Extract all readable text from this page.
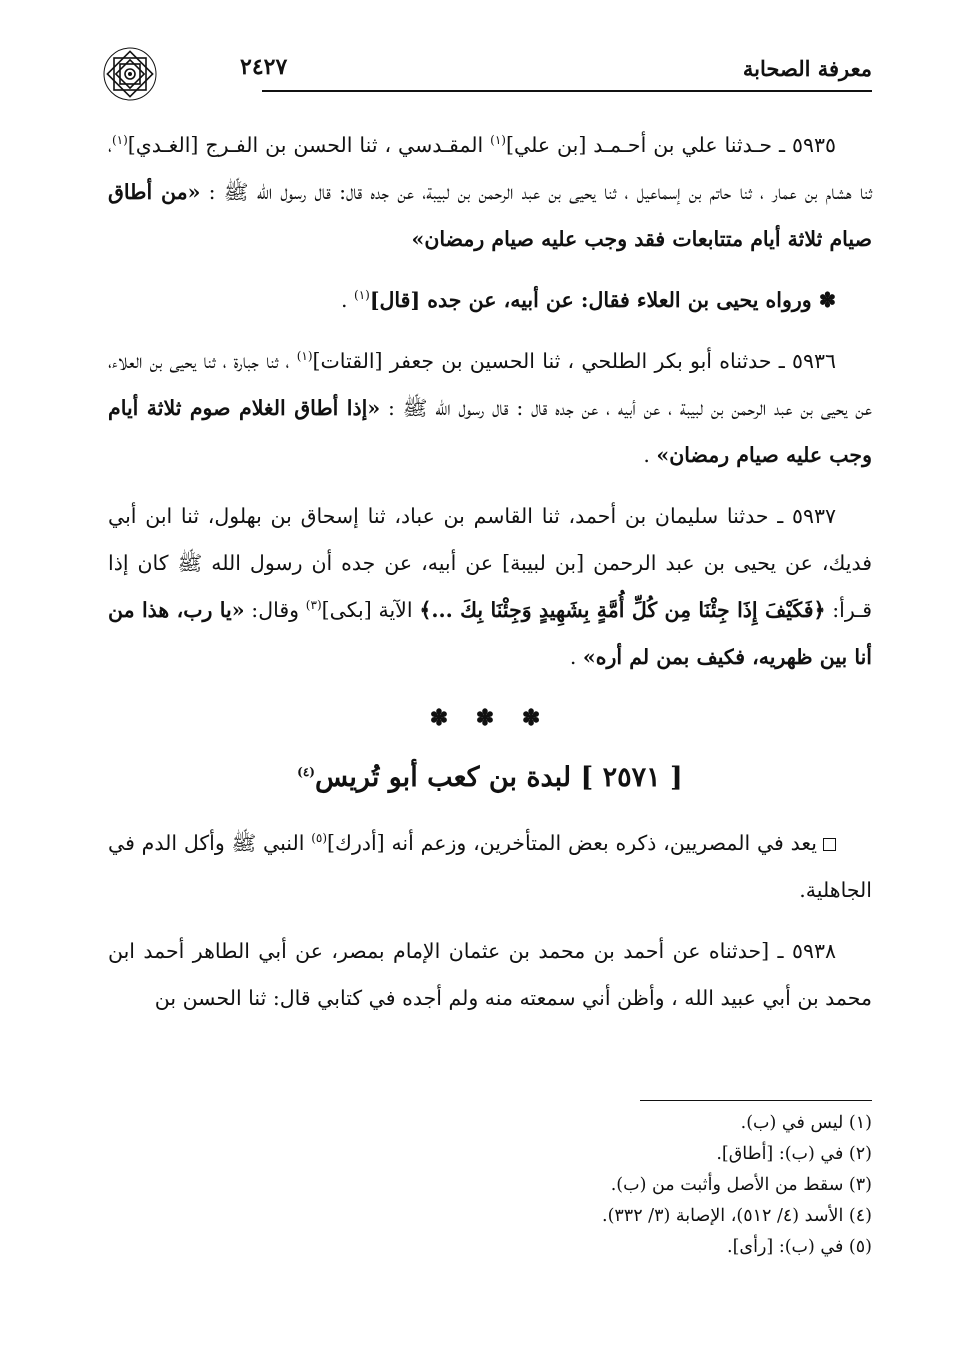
معرفة الصحابة
٢٤٢٧

٥٩٣٥ ـ حـدثنا علي بن أحـمـد [بن علي]$^{(١)}$ المقـدسي ، ثنا الحسن بن الفـرج [الغـدي]$^{(١)}$، ثنا هشام بن عمار ، ثنا حاتم بن إسماعيل ، ثنا يحيى بن عبد الرحمن بن لبيبة، عن جده قال: قال رسول الله ﷺ : «من أطاق صيام ثلاثة أيام متتابعات فقد وجب عليه صيام رمضان»

✽ ورواه يحيى بن العلاء فقال: عن أبيه، عن جده [قال]$^{(١)}$ .

٥٩٣٦ ـ حدثناه أبو بكر الطلحي ، ثنا الحسين بن جعفر [القتات]$^{(١)}$ ، ثنا جبارة ، ثنا يحيى بن العلاء، عن يحيى بن عبد الرحمن بن لبيبة ، عن أبيه ، عن جده قال : قال رسول الله ﷺ : «إذا أطاق الغلام صوم ثلاثة أيام وجب عليه صيام رمضان» .

٥٩٣٧ ـ حدثنا سليمان بن أحمد، ثنا القاسم بن عباد، ثنا إسحاق بن بهلول، ثنا ابن أبي فديك، عن يحيى بن عبد الرحمن [بن لبيبة] عن أبيه، عن جده أن رسول الله ﷺ كان إذا قـرأ: ﴿فَكَيْفَ إِذَا جِئْنَا مِن كُلِّ أُمَّةٍ بِشَهِيدٍ وَجِئْنَا بِكَ ...﴾ الآية [بكى]$^{(٣)}$ وقال: «يا رب، هذا من أنا بين ظهريه، فكيف بمن لم أره» .

✽ ✽ ✽
[ ٢٥٧١ ] لبدة بن كعب أبو تُريس$^{(٤)}$

يعد في المصريين، ذكره بعض المتأخرين، وزعم أنه [أدرك]$^{(٥)}$ النبي ﷺ وأكل الدم في الجاهلية.

٥٩٣٨ ـ [حدثناه عن أحمد بن محمد بن عثمان الإمام بمصر، عن أبي الطاهر أحمد ابن محمد بن أبي عبيد الله ، وأظن أني سمعته منه ولم أجده في كتابي قال: ثنا الحسن بن

(١) ليس في (ب).

(٢) في (ب): [أطاق].

(٣) سقط من الأصل وأثبت من (ب).

(٤) الأسد (٤/ ٥١٢)، الإصابة (٣/ ٣٣٢).

(٥) في (ب): [رأى].
